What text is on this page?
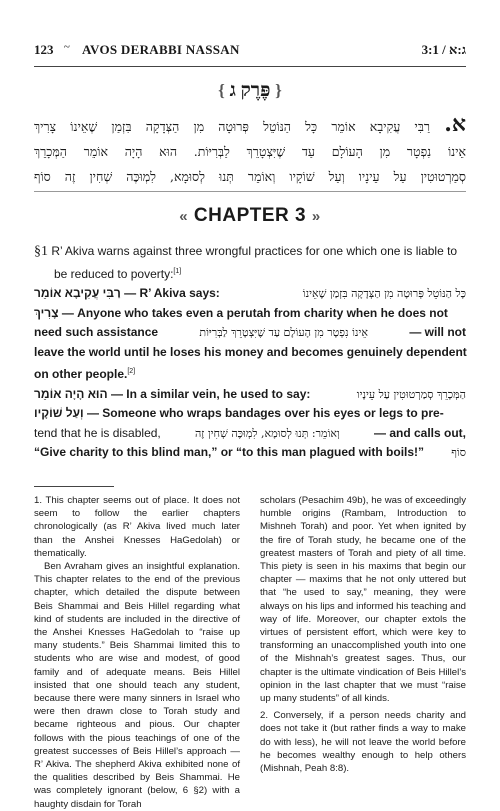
123 ~ AVOS DERABBI NASSAN	3:1 / ג:א
{ פֶּרֶק ג }
א. רַבִּי עֲקִיבָא אוֹמֵר כָּל הַנּוֹטֵל פְּרוּטָה מִן הַצְּדָקָה בִּזְמַן שֶׁאֵינוֹ צָרִיךְ
אֵינוֹ נִפְטָר מִן הָעוֹלָם עַד שֶׁיִּצְטָרֵךְ לַבְּרִיּוֹת. הוּא הָיָה אוֹמֵר הַמְּכָרֵךְ
סְמַרְטוּטִין עַל עֵינָיו וְעַל שׁוֹקָיו וְאוֹמֵר תְּנוּ לְסוּמָא, לִמְוּכֶּה שְׁחִין זֶה סוֹף
« CHAPTER 3 »
§1 R’ Akiva warns against three wrongful practices for one which one is liable to
be reduced to poverty:[1]
רַבִּי עֲקִיבָא אוֹמֵר — R’ Akiva says:	כָּל הַנּוֹטֵל פְּרוּטָה מִן הַצְּדָקָה בִּזְמַן שֶׁאֵינוֹ
צָרִיךְ — Anyone who takes even a perutah from charity when he does not
need such assistance	אֵינוֹ נִפְטָר מִן הָעוֹלָם עַד שֶׁיִּצְטָרֵךְ לַבְּרִיּוֹת	— will not
leave the world until he loses his money and becomes genuinely dependent
on other people.[2]
הוּא הָיָה אוֹמֵר — In a similar vein, he used to say:	הַמְּכָרֵךְ סְמַרְטוּטִין עַל עֵינָיו
וְעַל שׁוֹקָיו — Someone who wraps bandages over his eyes or legs to pre-
tend that he is disabled,	וְאוֹמֵר: תְּנוּ לְסוּמָא, לִמְוּכֶּה שְׁחִין זֶה	— and calls out,
“Give charity to this blind man,” or “to this man plagued with boils!” סוֹף

1. This chapter seems out of place. It does not seem to follow the earlier chapters chronologically (as R’ Akiva lived much later than the Anshei Knesses HaGedolah) or thematically.

Ben Avraham gives an insightful explanation. This chapter relates to the end of the previous chapter, which detailed the dispute between Beis Shammai and Beis Hillel regarding what kind of students are included in the directive of the Anshei Knesses HaGedolah to “raise up many students.” Beis Shammai limited this to students who are wise and modest, of good family and of adequate means. Beis Hillel insisted that one should teach any student, because there were many sinners in Israel who were then drawn close to Torah study and became righteous and pious. Our chapter follows with the pious teachings of one of the greatest successes of Beis Hillel’s approach — R’ Akiva. The shepherd Akiva exhibited none of the qualities described by Beis Shammai. He was completely ignorant (below, 6 §2) with a haughty disdain for Torah

scholars (Pesachim 49b), he was of exceedingly humble origins (Rambam, Introduction to Mishneh Torah) and poor. Yet when ignited by the fire of Torah study, he became one of the greatest masters of Torah and piety of all time. This piety is seen in his maxims that begin our chapter — maxims that he not only uttered but that “he used to say,” meaning, they were always on his lips and informed his teaching and way of life. Moreover, our chapter extols the virtues of persistent effort, which were key to transforming an unaccomplished youth into one of the Mishnah’s greatest sages. Thus, our chapter is the ultimate vindication of Beis Hillel’s opinion in the last chapter that we must “raise up many students” of all kinds.

2. Conversely, if a person needs charity and does not take it (but rather finds a way to make do with less), he will not leave the world before he becomes wealthy enough to help others (Mishnah, Peah 8:8).
